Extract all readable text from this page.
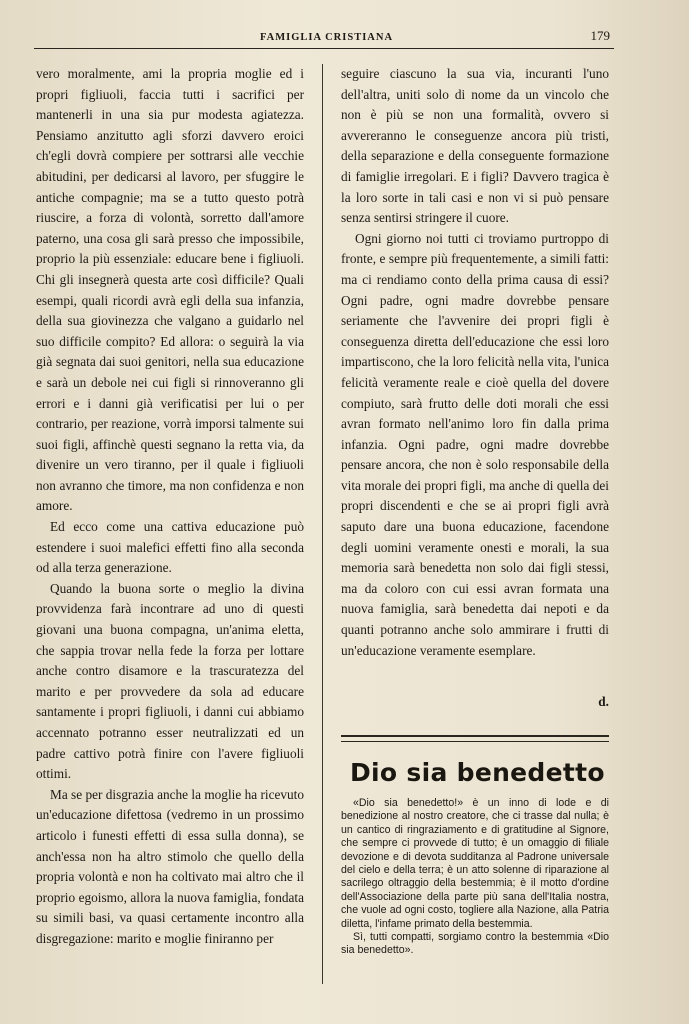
FAMIGLIA CRISTIANA	179

vero moralmente, ami la propria moglie ed i propri figliuoli, faccia tutti i sacrifici per mantenerli in una sia pur modesta agiatezza. Pensiamo anzitutto agli sforzi davvero eroici ch'egli dovrà compiere per sottrarsi alle vecchie abitudini, per dedicarsi al lavoro, per sfuggire le antiche compagnie; ma se a tutto questo potrà riuscire, a forza di volontà, sorretto dall'amore paterno, una cosa gli sarà presso che impossibile, proprio la più essenziale: educare bene i figliuoli. Chi gli insegnerà questa arte così difficile? Quali esempi, quali ricordi avrà egli della sua infanzia, della sua giovinezza che valgano a guidarlo nel suo difficile compito? Ed allora: o seguirà la via già segnata dai suoi genitori, nella sua educazione e sarà un debole nei cui figli si rinnoveranno gli errori e i danni già verificatisi per lui o per contrario, per reazione, vorrà imporsi talmente sui suoi figli, affinchè questi segnano la retta via, da divenire un vero tiranno, per il quale i figliuoli non avranno che timore, ma non confidenza e non amore.

Ed ecco come una cattiva educazione può estendere i suoi malefici effetti fino alla seconda od alla terza generazione.

Quando la buona sorte o meglio la divina provvidenza farà incontrare ad uno di questi giovani una buona compagna, un'anima eletta, che sappia trovar nella fede la forza per lottare anche contro disamore e la trascuratezza del marito e per provvedere da sola ad educare santamente i propri figliuoli, i danni cui abbiamo accennato potranno esser neutralizzati ed un padre cattivo potrà finire con l'avere figliuoli ottimi.

Ma se per disgrazia anche la moglie ha ricevuto un'educazione difettosa (vedremo in un prossimo articolo i funesti effetti di essa sulla donna), se anch'essa non ha altro stimolo che quello della propria volontà e non ha coltivato mai altro che il proprio egoismo, allora la nuova famiglia, fondata su simili basi, va quasi certamente incontro alla disgregazione: marito e moglie finiranno per

seguire ciascuno la sua via, incuranti l'uno dell'altra, uniti solo di nome da un vincolo che non è più se non una formalità, ovvero si avvereranno le conseguenze ancora più tristi, della separazione e della conseguente formazione di famiglie irregolari. E i figli? Davvero tragica è la loro sorte in tali casi e non vi si può pensare senza sentirsi stringere il cuore.

Ogni giorno noi tutti ci troviamo purtroppo di fronte, e sempre più frequentemente, a simili fatti: ma ci rendiamo conto della prima causa di essi? Ogni padre, ogni madre dovrebbe pensare seriamente che l'avvenire dei propri figli è conseguenza diretta dell'educazione che essi loro impartiscono, che la loro felicità nella vita, l'unica felicità veramente reale e cioè quella del dovere compiuto, sarà frutto delle doti morali che essi avran formato nell'animo loro fin dalla prima infanzia. Ogni padre, ogni madre dovrebbe pensare ancora, che non è solo responsabile della vita morale dei propri figli, ma anche di quella dei propri discendenti e che se ai propri figli avrà saputo dare una buona educazione, facendone degli uomini veramente onesti e morali, la sua memoria sarà benedetta non solo dai figli stessi, ma da coloro con cui essi avran formata una nuova famiglia, sarà benedetta dai nepoti e da quanti potranno anche solo ammirare i frutti di un'educazione veramente esemplare.

d.
Dio sia benedetto

«Dio sia benedetto!» è un inno di lode e di benedizione al nostro creatore, che ci trasse dal nulla; è un cantico di ringraziamento e di gratitudine al Signore, che sempre ci provvede di tutto; è un omaggio di filiale devozione e di devota sudditanza al Padrone universale del cielo e della terra; è un atto solenne di riparazione al sacrilego oltraggio della bestemmia; è il motto d'ordine dell'Associazione della parte più sana dell'Italia nostra, che vuole ad ogni costo, togliere alla Nazione, alla Patria diletta, l'infame primato della bestemmia.

Sì, tutti compatti, sorgiamo contro la bestemmia «Dio sia benedetto».
